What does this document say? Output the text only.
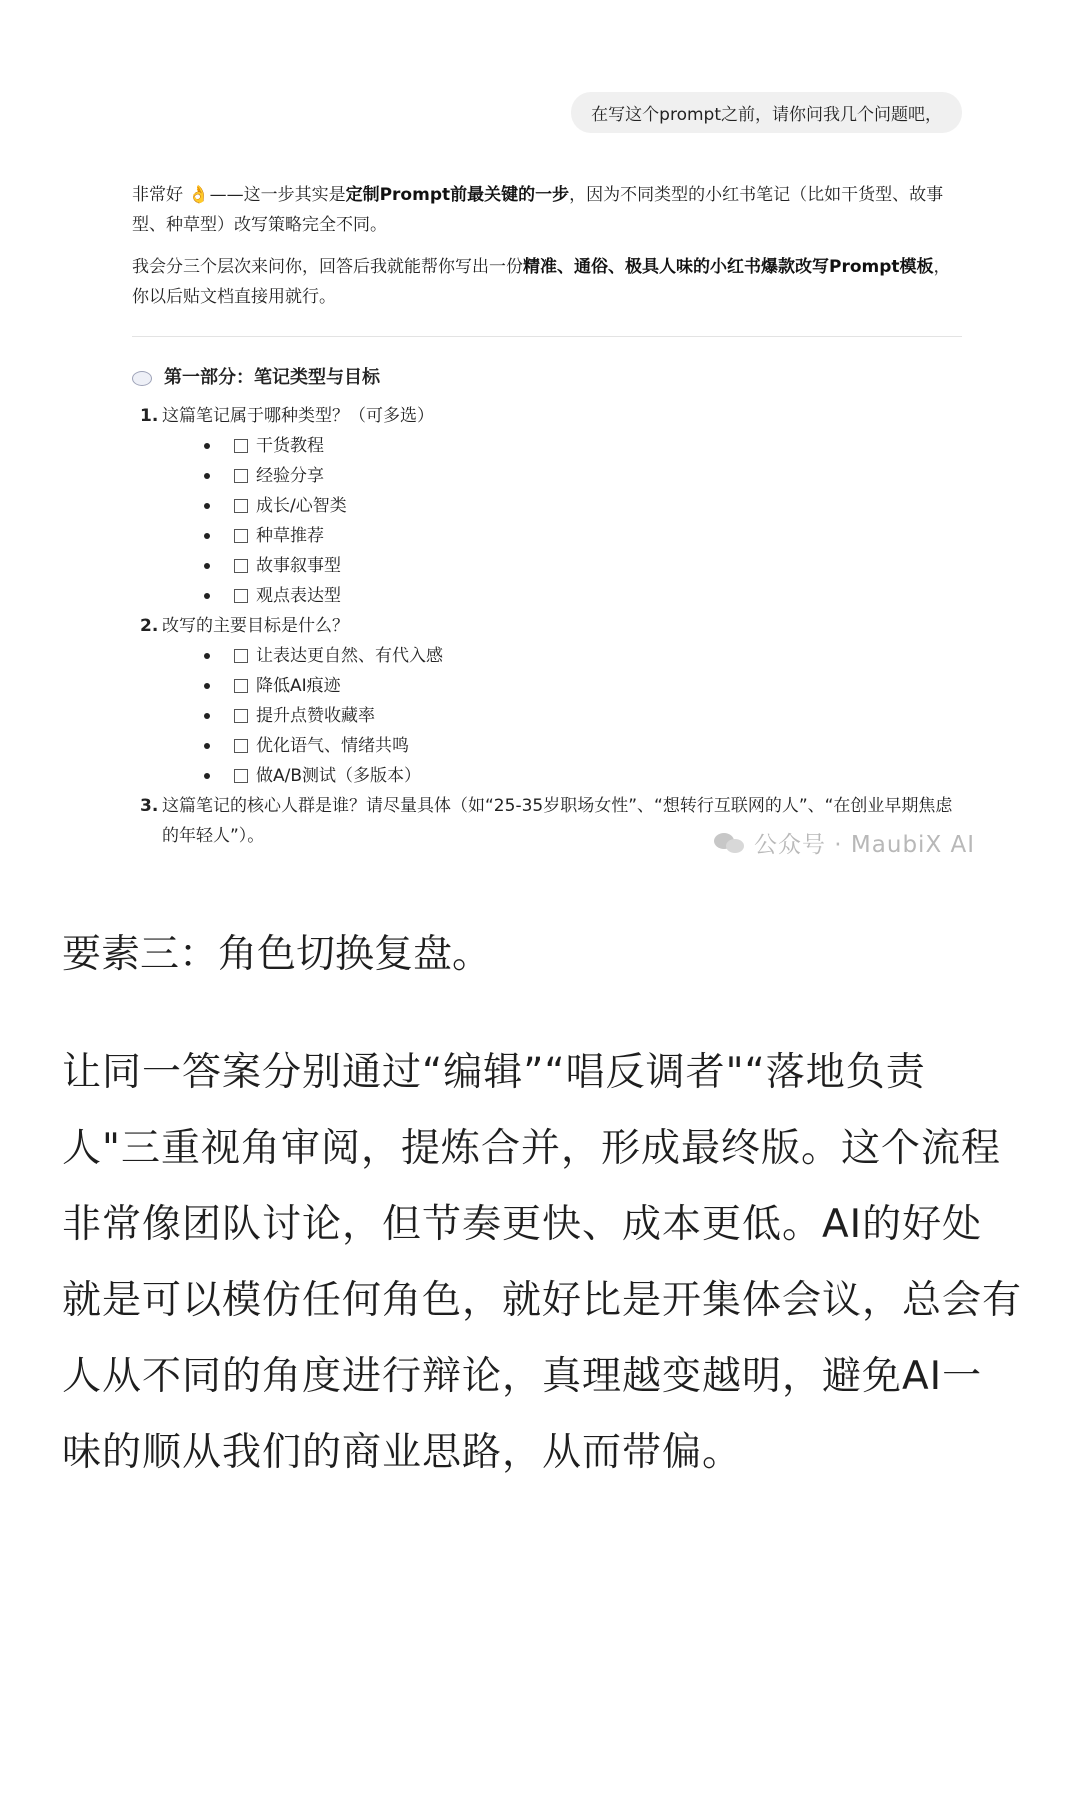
在写这个prompt之前，请你问我几个问题吧，

非常好 👌——这一步其实是定制Prompt前最关键的一步，因为不同类型的小红书笔记（比如干货型、故事型、种草型）改写策略完全不同。

我会分三个层次来问你，回答后我就能帮你写出一份精准、通俗、极具人味的小红书爆款改写Prompt模板，你以后贴文档直接用就行。

第一部分：笔记类型与目标
1. 这篇笔记属于哪种类型？（可多选）
干货教程
经验分享
成长/心智类
种草推荐
故事叙事型
观点表达型
2. 改写的主要目标是什么？
让表达更自然、有代入感
降低AI痕迹
提升点赞收藏率
优化语气、情绪共鸣
做A/B测试（多版本）
3. 这篇笔记的核心人群是谁？请尽量具体（如“25-35岁职场女性”、“想转行互联网的人”、“在创业早期焦虑的年轻人”）。	公众号 · MaubiX AI
要素三：角色切换复盘。

让同一答案分别通过“编辑”“唱反调者"“落地负责人"三重视角审阅，提炼合并，形成最终版。这个流程非常像团队讨论，但节奏更快、成本更低。AI的好处就是可以模仿任何角色，就好比是开集体会议，总会有人从不同的角度进行辩论，真理越变越明，避免AI一味的顺从我们的商业思路，从而带偏。
